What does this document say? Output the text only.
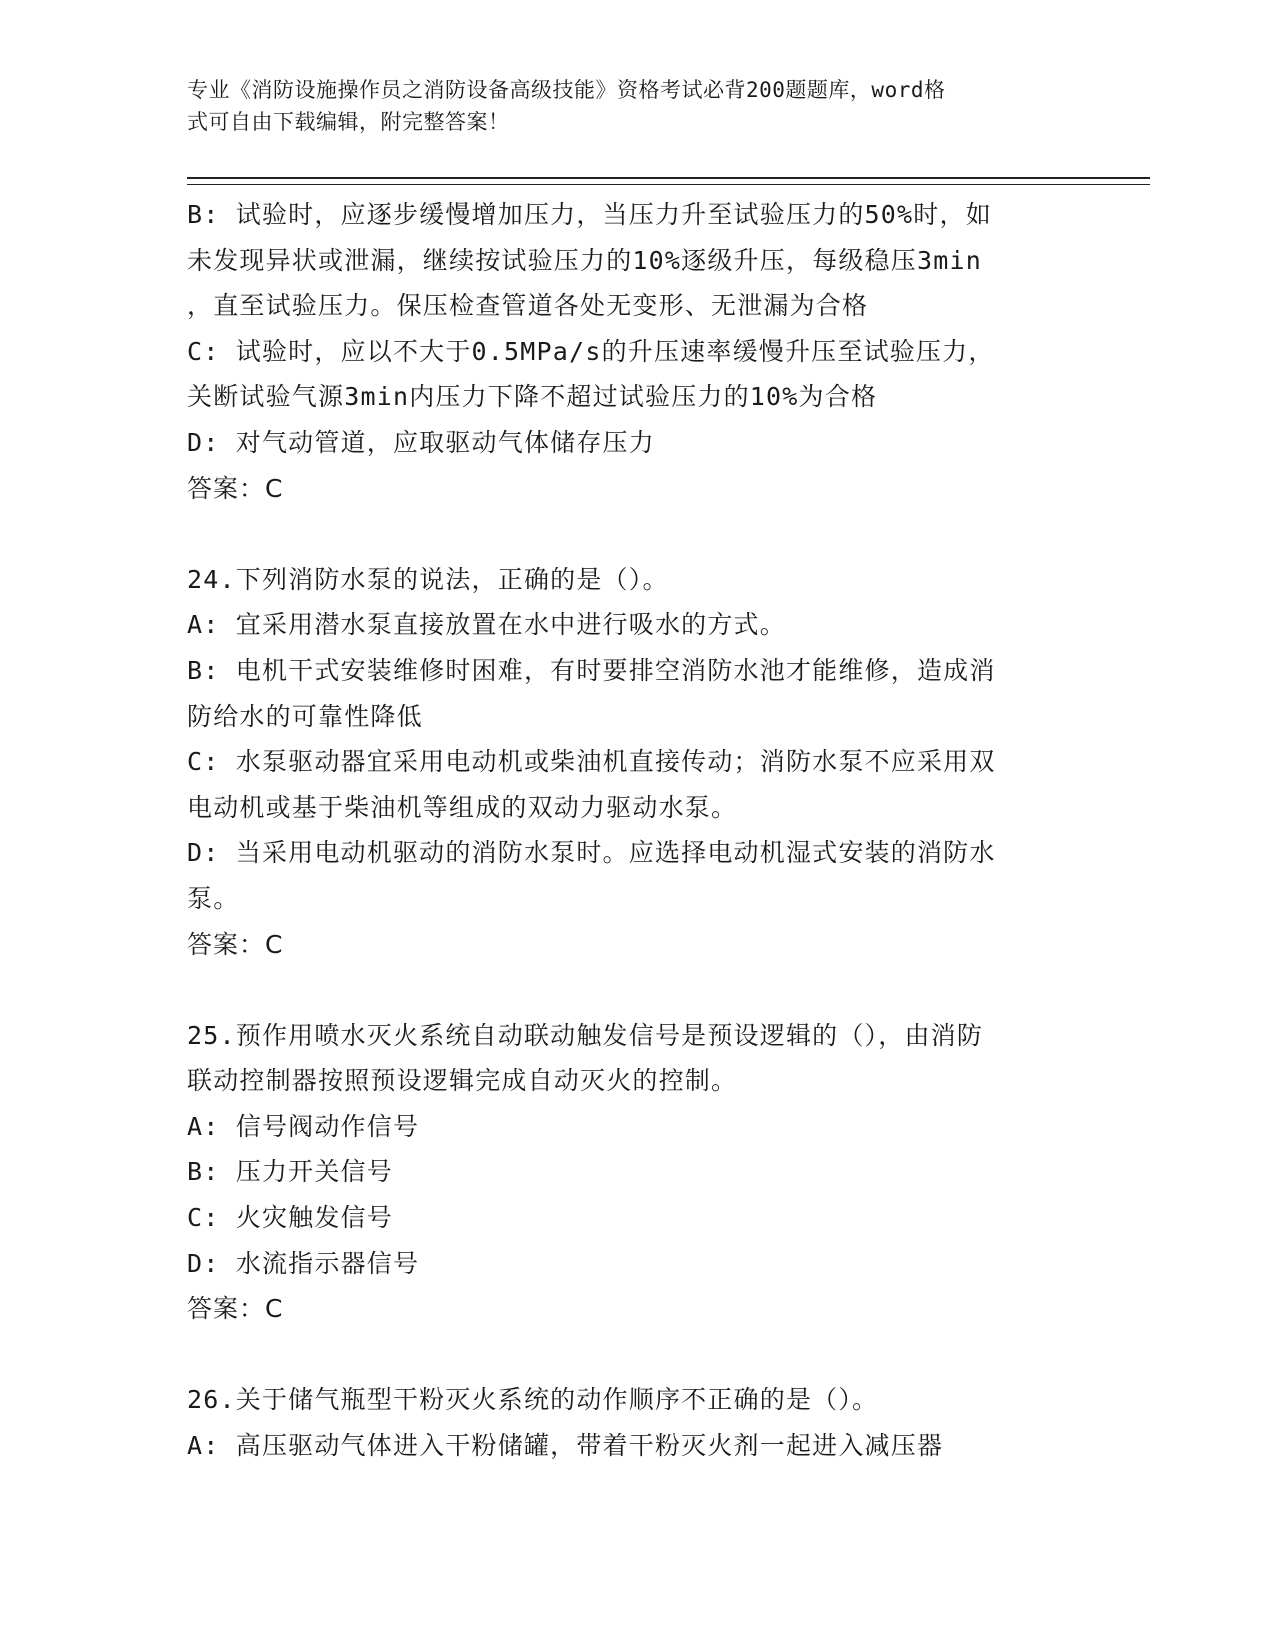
专业《消防设施操作员之消防设备高级技能》资格考试必背200题题库，word格
式可自由下载编辑，附完整答案！
B: 试验时，应逐步缓慢增加压力，当压力升至试验压力的50%时，如
未发现异状或泄漏，继续按试验压力的10%逐级升压，每级稳压3min
，直至试验压力。保压检查管道各处无变形、无泄漏为合格
C: 试验时，应以不大于0.5MPa/s的升压速率缓慢升压至试验压力，
关断试验气源3min内压力下降不超过试验压力的10%为合格
D: 对气动管道，应取驱动气体储存压力
答案：C
24.下列消防水泵的说法，正确的是（）。
A: 宜采用潜水泵直接放置在水中进行吸水的方式。
B: 电机干式安装维修时困难，有时要排空消防水池才能维修，造成消
防给水的可靠性降低
C: 水泵驱动器宜采用电动机或柴油机直接传动；消防水泵不应采用双
电动机或基于柴油机等组成的双动力驱动水泵。
D: 当采用电动机驱动的消防水泵时。应选择电动机湿式安装的消防水
泵。
答案：C
25.预作用喷水灭火系统自动联动触发信号是预设逻辑的（），由消防
联动控制器按照预设逻辑完成自动灭火的控制。
A: 信号阀动作信号
B: 压力开关信号
C: 火灾触发信号
D: 水流指示器信号
答案：C
26.关于储气瓶型干粉灭火系统的动作顺序不正确的是（）。
A: 高压驱动气体进入干粉储罐，带着干粉灭火剂一起进入减压器
